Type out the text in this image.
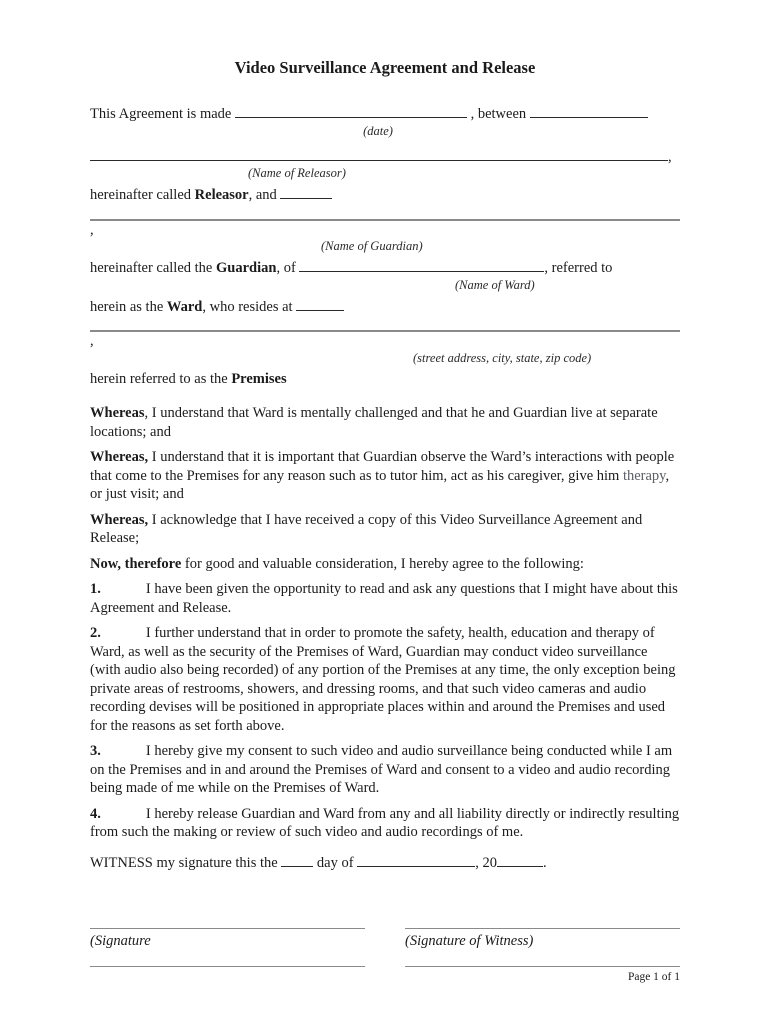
Video Surveillance Agreement and Release
This Agreement is made	, between
(date)
,
(Name of Releasor)
hereinafter called Releasor, and
,
(Name of Guardian)
hereinafter called the Guardian, of	, referred to
(Name of Ward)
herein as the Ward, who resides at
,
(street address, city, state, zip code)
herein referred to as the Premises

Whereas, I understand that Ward is mentally challenged and that he and Guardian live at separate locations; and

Whereas, I understand that it is important that Guardian observe the Ward’s interactions with people that come to the Premises for any reason such as to tutor him, act as his caregiver, give him therapy, or just visit; and

Whereas, I acknowledge that I have received a copy of this Video Surveillance Agreement and Release;

Now, therefore for good and valuable consideration, I hereby agree to the following:

1.	I have been given the opportunity to read and ask any questions that I might have about this Agreement and Release.

2.	I further understand that in order to promote the safety, health, education and therapy of Ward, as well as the security of the Premises of Ward, Guardian may conduct video surveillance (with audio also being recorded) of any portion of the Premises at any time, the only exception being private areas of restrooms, showers, and dressing rooms, and that such video cameras and audio recording devises will be positioned in appropriate places within and around the Premises and used for the reasons as set forth above.

3.	I hereby give my consent to such video and audio surveillance being conducted while I am on the Premises and in and around the Premises of Ward and consent to a video and audio recording being made of me while on the Premises of Ward.

4.	I hereby release Guardian and Ward from any and all liability directly or indirectly resulting from such the making or review of such video and audio recordings of me.

WITNESS my signature this the  day of	, 20	.
(Signature	(Signature of Witness)
Page 1 of 1
